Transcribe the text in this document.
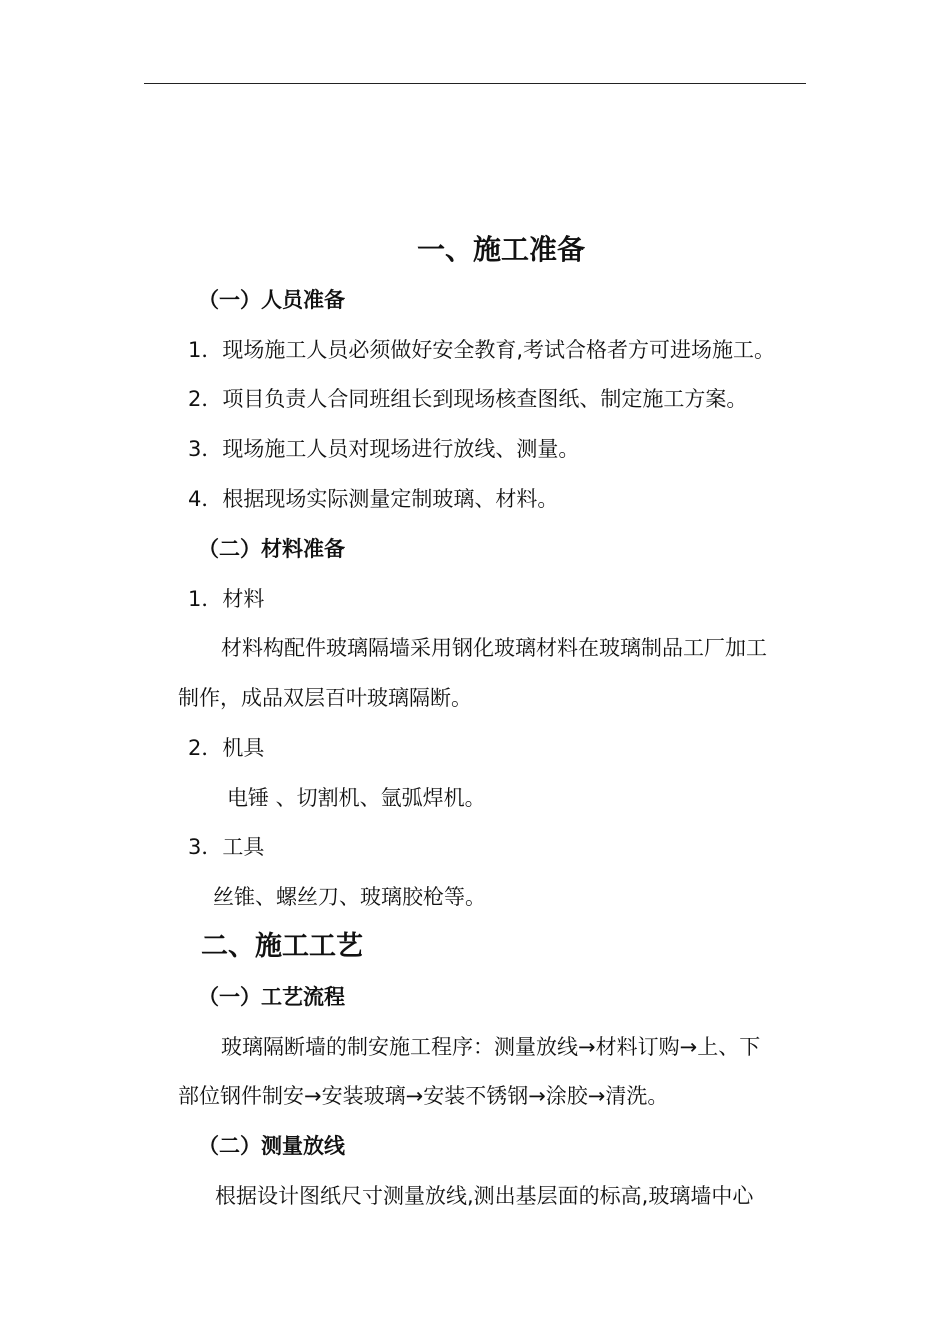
一、施工准备
（一）人员准备
1．现场施工人员必须做好安全教育,考试合格者方可进场施工。
2．项目负责人合同班组长到现场核查图纸、制定施工方案。
3．现场施工人员对现场进行放线、测量。
4．根据现场实际测量定制玻璃、材料。
（二）材料准备
1．材料
材料构配件玻璃隔墙采用钢化玻璃材料在玻璃制品工厂加工
制作，成品双层百叶玻璃隔断。
2．机具
电锤 、切割机、氩弧焊机。
3．工具
丝锥、螺丝刀、玻璃胶枪等。
二、施工工艺
（一）工艺流程
玻璃隔断墙的制安施工程序：测量放线→材料订购→上、下
部位钢件制安→安装玻璃→安装不锈钢→涂胶→清洗。
（二）测量放线
根据设计图纸尺寸测量放线,测出基层面的标高,玻璃墙中心
